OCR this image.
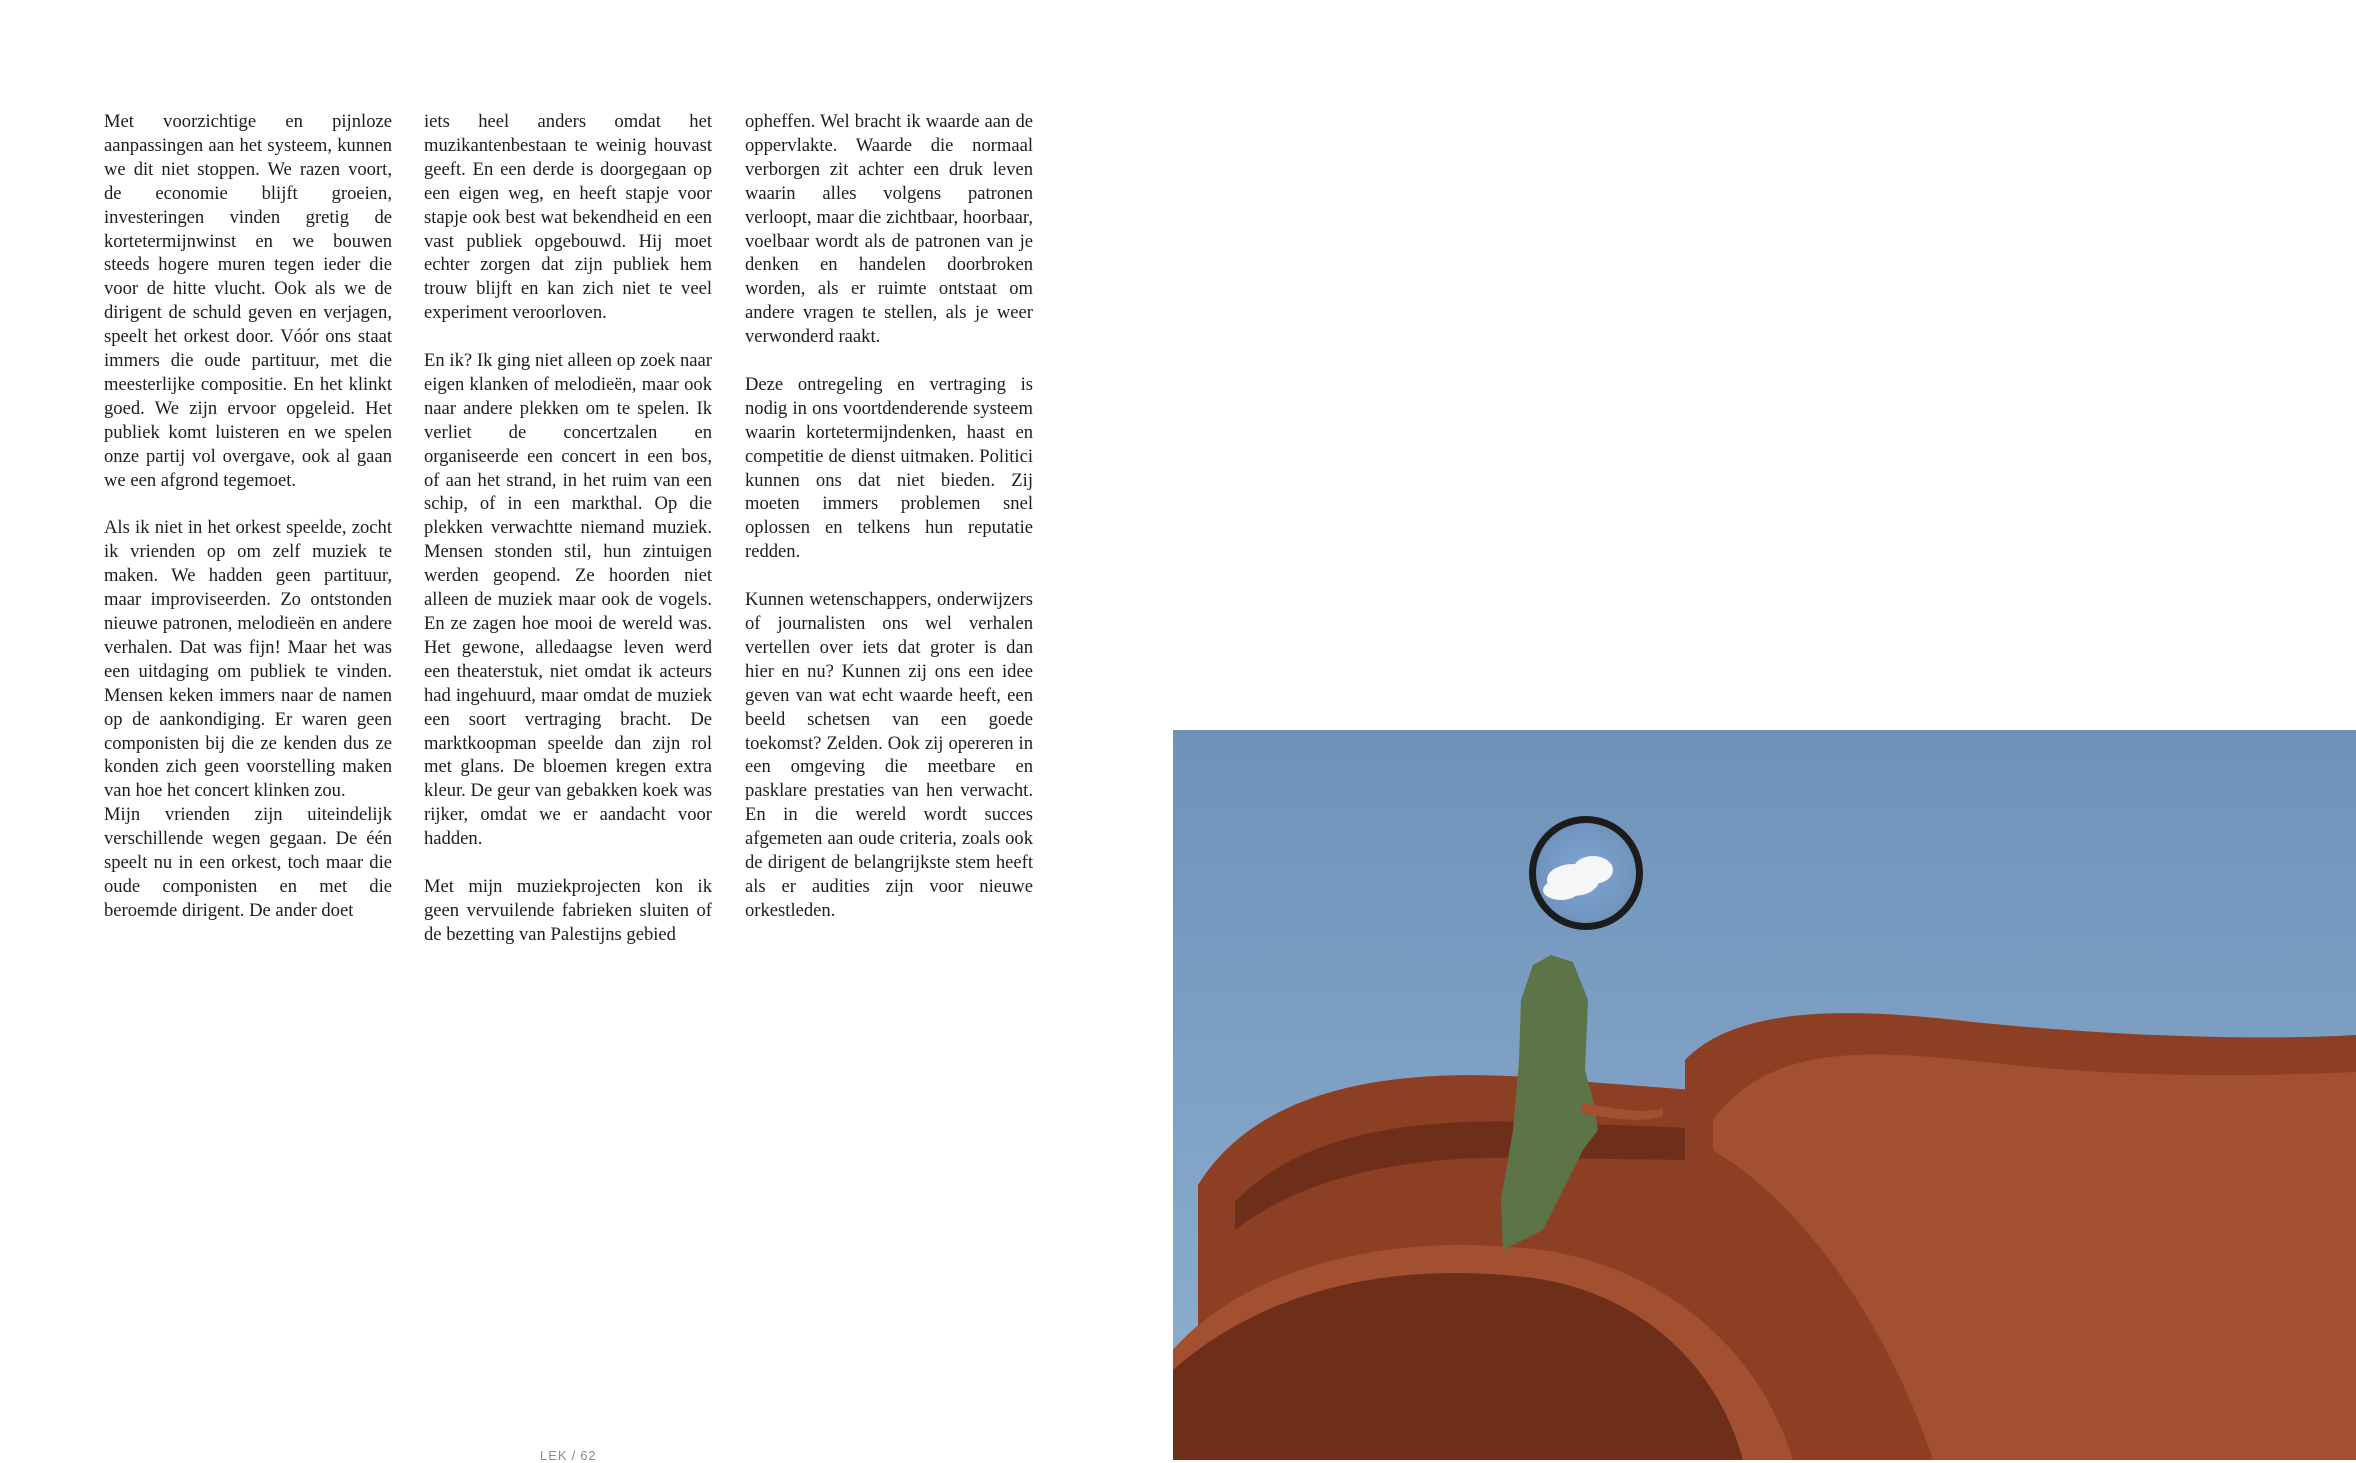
Met voorzichtige en pijnloze aanpassingen aan het systeem, kunnen we dit niet stoppen. We razen voort, de economie blijft groeien, investeringen vinden gretig de kortetermijnwinst en we bouwen steeds hogere muren tegen ieder die voor de hitte vlucht. Ook als we de dirigent de schuld geven en verjagen, speelt het orkest door. Vóór ons staat immers die oude partituur, met die meesterlijke compositie. En het klinkt goed. We zijn ervoor opgeleid. Het publiek komt luisteren en we spelen onze partij vol overgave, ook al gaan we een afgrond tegemoet.

Als ik niet in het orkest speelde, zocht ik vrienden op om zelf muziek te maken. We hadden geen partituur, maar improviseerden. Zo ontstonden nieuwe patronen, melodieën en andere verhalen. Dat was fijn! Maar het was een uitdaging om publiek te vinden. Mensen keken immers naar de namen op de aankondiging. Er waren geen componisten bij die ze kenden dus ze konden zich geen voorstelling maken van hoe het concert klinken zou.

Mijn vrienden zijn uiteindelijk verschillende wegen gegaan. De één speelt nu in een orkest, toch maar die oude componisten en met die beroemde dirigent. De ander doet

iets heel anders omdat het muzikantenbestaan te weinig houvast geeft. En een derde is doorgegaan op een eigen weg, en heeft stapje voor stapje ook best wat bekendheid en een vast publiek opgebouwd. Hij moet echter zorgen dat zijn publiek hem trouw blijft en kan zich niet te veel experiment veroorloven.

En ik? Ik ging niet alleen op zoek naar eigen klanken of melodieën, maar ook naar andere plekken om te spelen. Ik verliet de concertzalen en organiseerde een concert in een bos, of aan het strand, in het ruim van een schip, of in een markthal. Op die plekken verwachtte niemand muziek. Mensen stonden stil, hun zintuigen werden geopend. Ze hoorden niet alleen de muziek maar ook de vogels. En ze zagen hoe mooi de wereld was. Het gewone, alledaagse leven werd een theaterstuk, niet omdat ik acteurs had ingehuurd, maar omdat de muziek een soort vertraging bracht. De marktkoopman speelde dan zijn rol met glans. De bloemen kregen extra kleur. De geur van gebakken koek was rijker, omdat we er aandacht voor hadden.

Met mijn muziekprojecten kon ik geen vervuilende fabrieken sluiten of de bezetting van Palestijns gebied

opheffen. Wel bracht ik waarde aan de oppervlakte. Waarde die normaal verborgen zit achter een druk leven waarin alles volgens patronen verloopt, maar die zichtbaar, hoorbaar, voelbaar wordt als de patronen van je denken en handelen doorbroken worden, als er ruimte ontstaat om andere vragen te stellen, als je weer verwonderd raakt.

Deze ontregeling en vertraging is nodig in ons voortdenderende systeem waarin kortetermijndenken, haast en competitie de dienst uitmaken. Politici kunnen ons dat niet bieden. Zij moeten immers problemen snel oplossen en telkens hun reputatie redden.

Kunnen wetenschappers, onderwijzers of journalisten ons wel verhalen vertellen over iets dat groter is dan hier en nu? Kunnen zij ons een idee geven van wat echt waarde heeft, een beeld schetsen van een goede toekomst? Zelden. Ook zij opereren in een omgeving die meetbare en pasklare prestaties van hen verwacht. En in die wereld wordt succes afgemeten aan oude criteria, zoals ook de dirigent de belangrijkste stem heeft als er audities zijn voor nieuwe orkestleden.

LEK / 62
